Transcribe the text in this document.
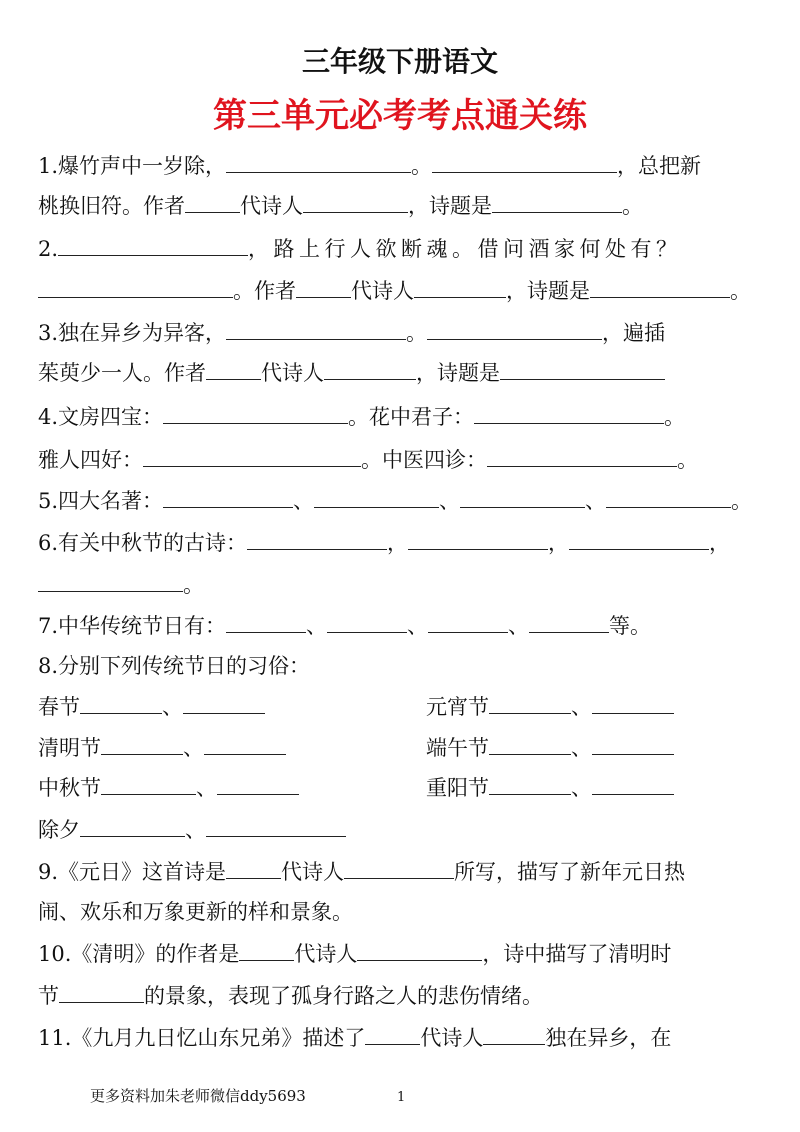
三年级下册语文
第三单元必考考点通关练
1.爆竹声中一岁除，	。	，总把新
桃换旧符。作者	代诗人	，诗题是	。
2.	，路上行人欲断魂。借问酒家何处有？
。作者	代诗人	，诗题是	。
3.独在异乡为异客，	。	，遍插
茱萸少一人。作者	代诗人	，诗题是
4.文房四宝：	。花中君子：	。
雅人四好：	。中医四诊：	。
5.四大名著：	、	、	、	。
6.有关中秋节的古诗：	，	，	，
。
7.中华传统节日有：	、	、	、	等。
8.分别下列传统节日的习俗：
春节	、	元宵节	、
清明节	、	端午节	、
中秋节	、	重阳节	、
除夕	、
9.《元日》这首诗是	代诗人	所写，描写了新年元日热
闹、欢乐和万象更新的样和景象。
10.《清明》的作者是	代诗人	，诗中描写了清明时
节	的景象，表现了孤身行路之人的悲伤情绪。
11.《九月九日忆山东兄弟》描述了	代诗人	独在异乡，在
更多资料加朱老师微信ddy5693	1
